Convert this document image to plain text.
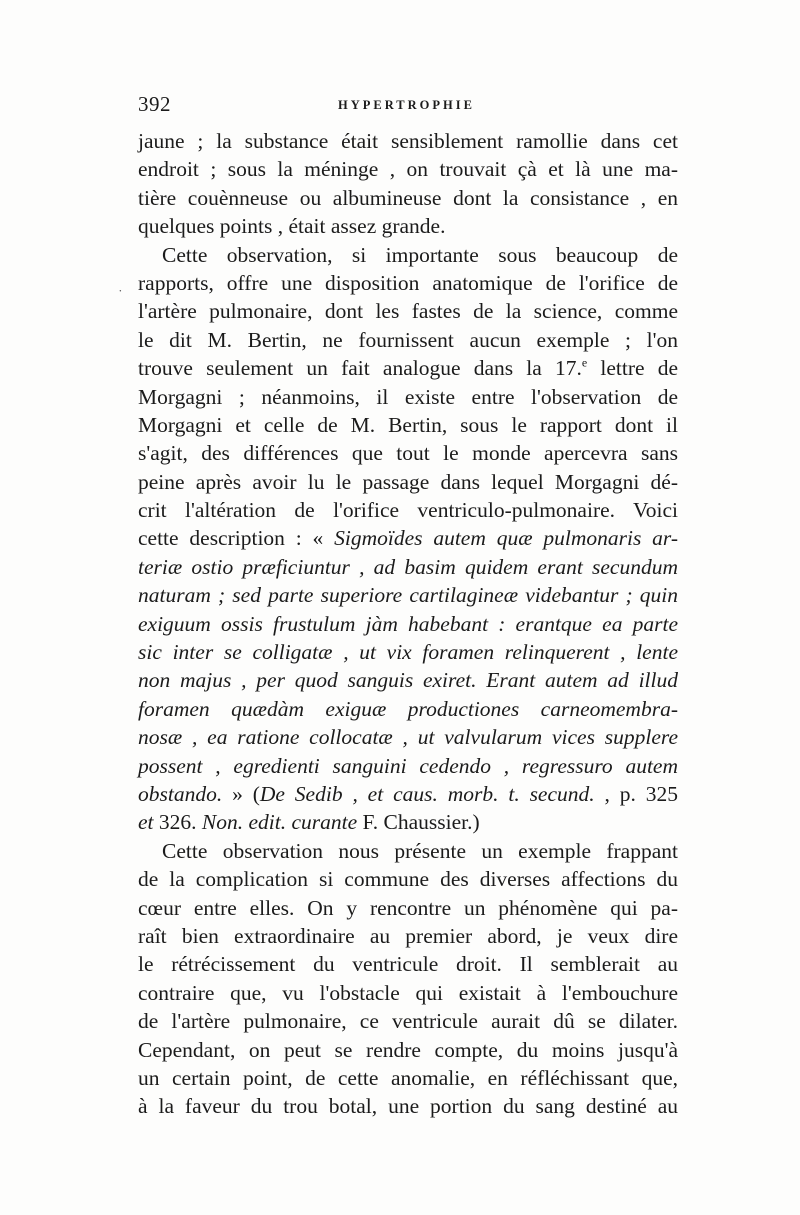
392	HYPERTROPHIE
˙
jaune ; la substance était sensiblement ramollie dans cet
endroit ; sous la méninge , on trouvait çà et là une ma-
tière couènneuse ou albumineuse dont la consistance , en
quelques points , était assez grande.
Cette observation, si importante sous beaucoup de
rapports, offre une disposition anatomique de l'orifice de
l'artère pulmonaire, dont les fastes de la science, comme
le dit M. Bertin, ne fournissent aucun exemple ; l'on
trouve seulement un fait analogue dans la 17.$^e$ lettre de
Morgagni ; néanmoins, il existe entre l'observation de
Morgagni et celle de M. Bertin, sous le rapport dont il
s'agit, des différences que tout le monde apercevra sans
peine après avoir lu le passage dans lequel Morgagni dé-
crit l'altération de l'orifice ventriculo-pulmonaire. Voici
cette description : « Sigmoïdes autem quæ pulmonaris ar-
teriæ ostio præficiuntur , ad basim quidem erant secundum
naturam ; sed parte superiore cartilagineæ videbantur ; quin
exiguum ossis frustulum jàm habebant : erantque ea parte
sic inter se colligatæ , ut vix foramen relinquerent , lente
non majus , per quod sanguis exiret. Erant autem ad illud
foramen quædàm exiguæ productiones carneomembra-
nosæ , ea ratione collocatæ , ut valvularum vices supplere
possent , egredienti sanguini cedendo , regressuro autem
obstando. » (De Sedib , et caus. morb. t. secund. , p. 325
et 326. Non. edit. curante F. Chaussier.)
Cette observation nous présente un exemple frappant
de la complication si commune des diverses affections du
cœur entre elles. On y rencontre un phénomène qui pa-
raît bien extraordinaire au premier abord, je veux dire
le rétrécissement du ventricule droit. Il semblerait au
contraire que, vu l'obstacle qui existait à l'embouchure
de l'artère pulmonaire, ce ventricule aurait dû se dilater.
Cependant, on peut se rendre compte, du moins jusqu'à
un certain point, de cette anomalie, en réfléchissant que,
à la faveur du trou botal, une portion du sang destiné au
